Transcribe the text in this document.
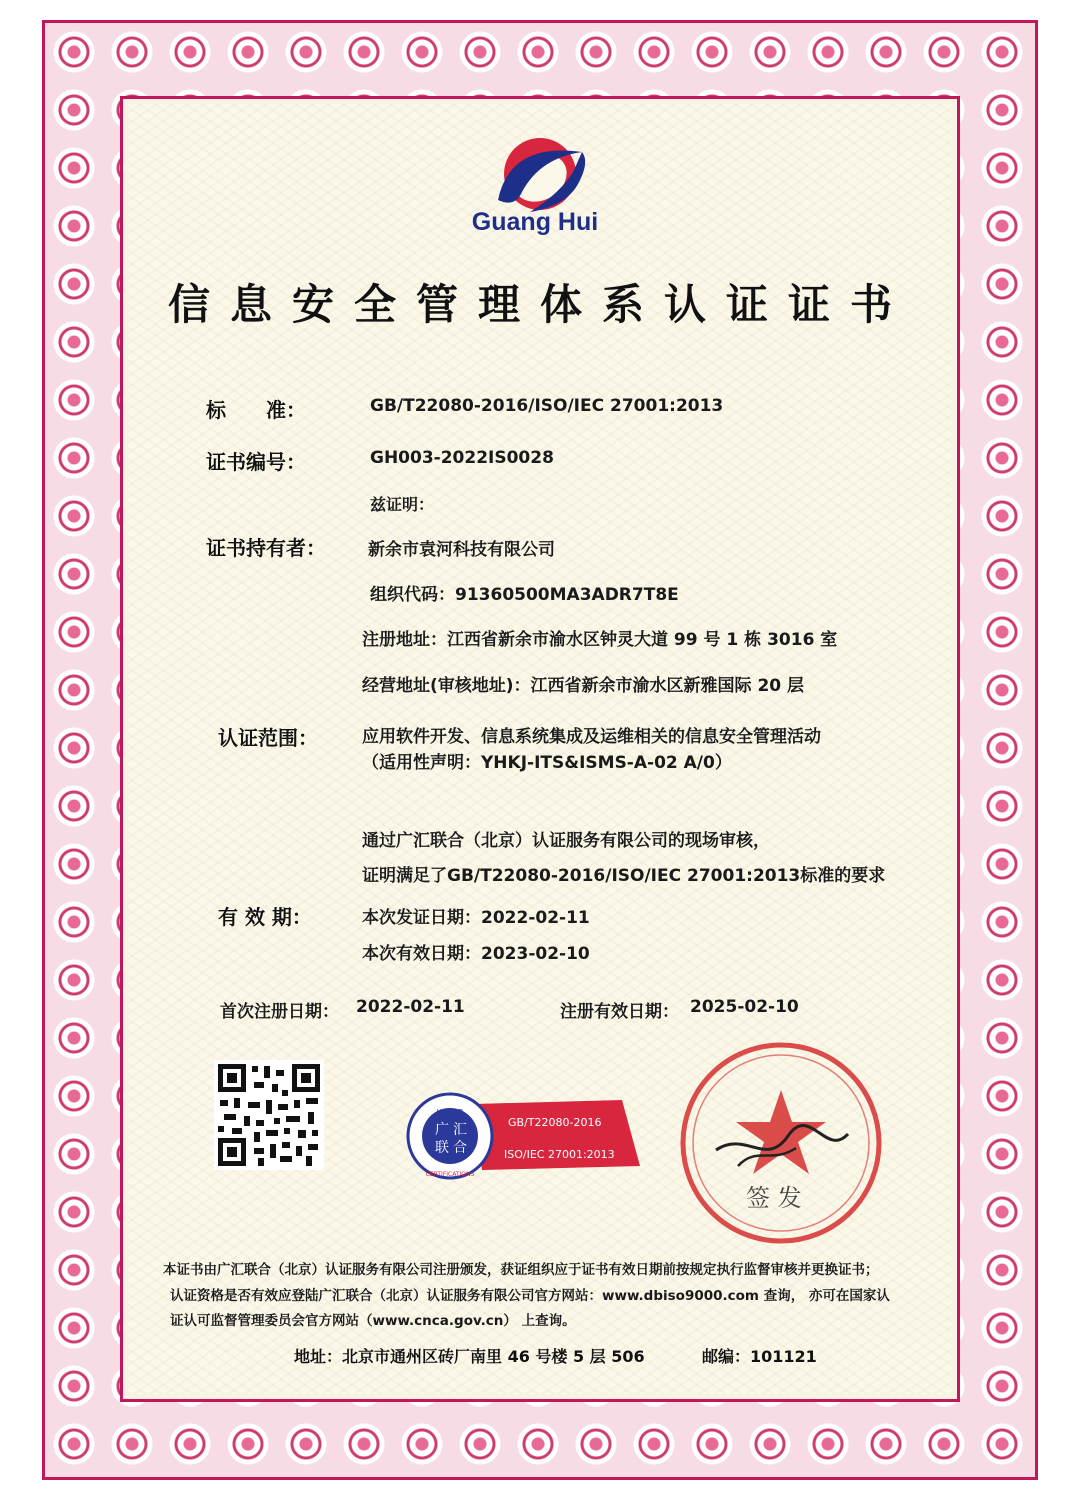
Guang Hui
信息安全管理体系认证证书
标　　准：	GB/T22080-2016/ISO/IEC 27001:2013
证书编号：	GH003-2022IS0028
兹证明：
证书持有者： 新余市袁河科技有限公司
组织代码：91360500MA3ADR7T8E
注册地址：江西省新余市渝水区钟灵大道 99 号 1 栋 3016 室
经营地址(审核地址)：江西省新余市渝水区新雅国际 20 层
认证范围：	应用软件开发、信息系统集成及运维相关的信息安全管理活动
（适用性声明：YHKJ-ITS&ISMS-A-02 A/0）
通过广汇联合（北京）认证服务有限公司的现场审核，
证明满足了GB/T22080-2016/ISO/IEC 27001:2013标准的要求
有 效 期：	本次发证日期：2022-02-11
本次有效日期：2023-02-10
首次注册日期： 2022-02-11	注册有效日期： 2025-02-10
UNITED
CERTIFICATIONS
广 汇
联 合
GB/T22080-2016
ISO/IEC 27001:2013
签 发
本证书由广汇联合（北京）认证服务有限公司注册颁发，获证组织应于证书有效日期前按规定执行监督审核并更换证书；
认证资格是否有效应登陆广汇联合（北京）认证服务有限公司官方网站：www.dbiso9000.com 查询， 亦可在国家认
证认可监督管理委员会官方网站（www.cnca.gov.cn） 上查询。
地址：北京市通州区砖厂南里 46 号楼 5 层 506	邮编：101121
